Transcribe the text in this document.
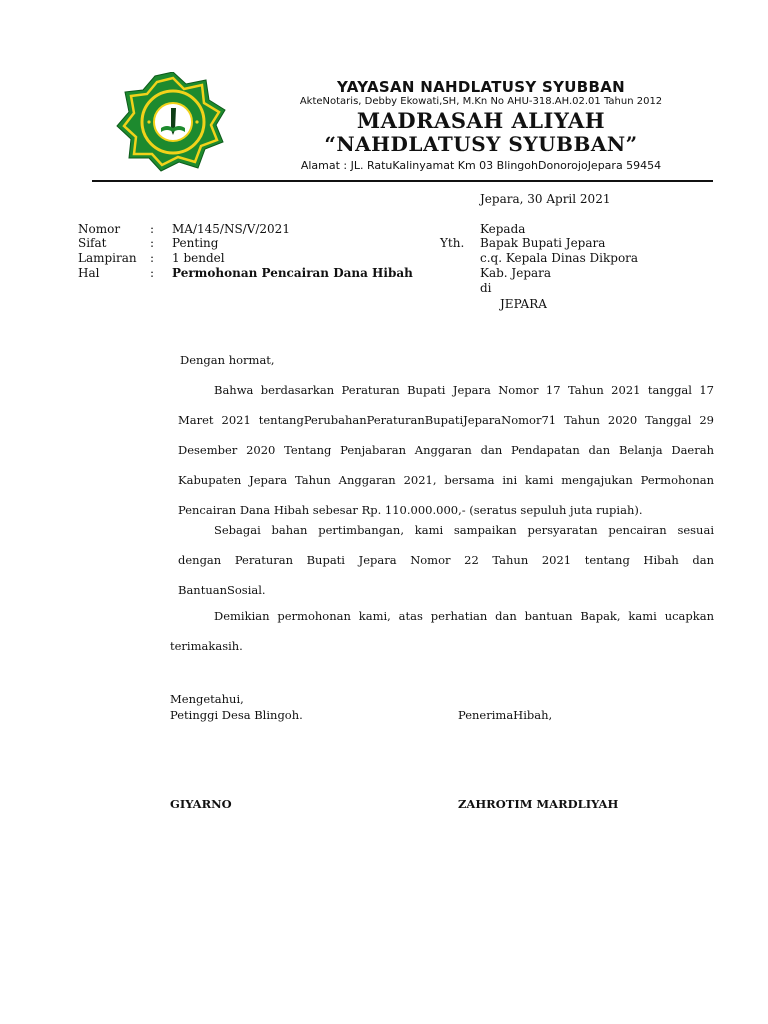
YAYASAN NAHDLATUSY SYUBBAN
AkteNotaris, Debby Ekowati,SH, M.Kn No AHU-318.AH.02.01 Tahun 2012
MADRASAH ALIYAH
“NAHDLATUSY SYUBBAN”
Alamat : JL. RatuKalinyamat Km 03 BlingohDonorojoJepara 59454
Jepara, 30 April 2021
Nomor : MA/145/NS/V/2021
Sifat	: Penting
Lampiran : 1 bendel
Hal	: Permohonan Pencairan Dana Hibah
Kepada
Yth. Bapak Bupati Jepara
c.q. Kepala Dinas Dikpora
Kab. Jepara
di
JEPARA
Dengan hormat,
Bahwa berdasarkan Peraturan Bupati Jepara Nomor 17 Tahun 2021 tanggal 17
Maret 2021 tentangPerubahanPeraturanBupatiJeparaNomor71 Tahun 2020 Tanggal 29
Desember 2020 Tentang Penjabaran Anggaran dan Pendapatan dan Belanja Daerah
Kabupaten Jepara Tahun Anggaran 2021, bersama ini kami mengajukan Permohonan
Pencairan Dana Hibah sebesar Rp. 110.000.000,- (seratus sepuluh juta rupiah).
Sebagai bahan pertimbangan, kami sampaikan persyaratan pencairan sesuai
dengan Peraturan Bupati Jepara Nomor 22 Tahun 2021 tentang Hibah dan
BantuanSosial.
Demikian permohonan kami, atas perhatian dan bantuan Bapak, kami ucapkan
terimakasih.
Mengetahui,
Petinggi Desa Blingoh.	PenerimaHibah,
GIYARNO	ZAHROTIM MARDLIYAH
